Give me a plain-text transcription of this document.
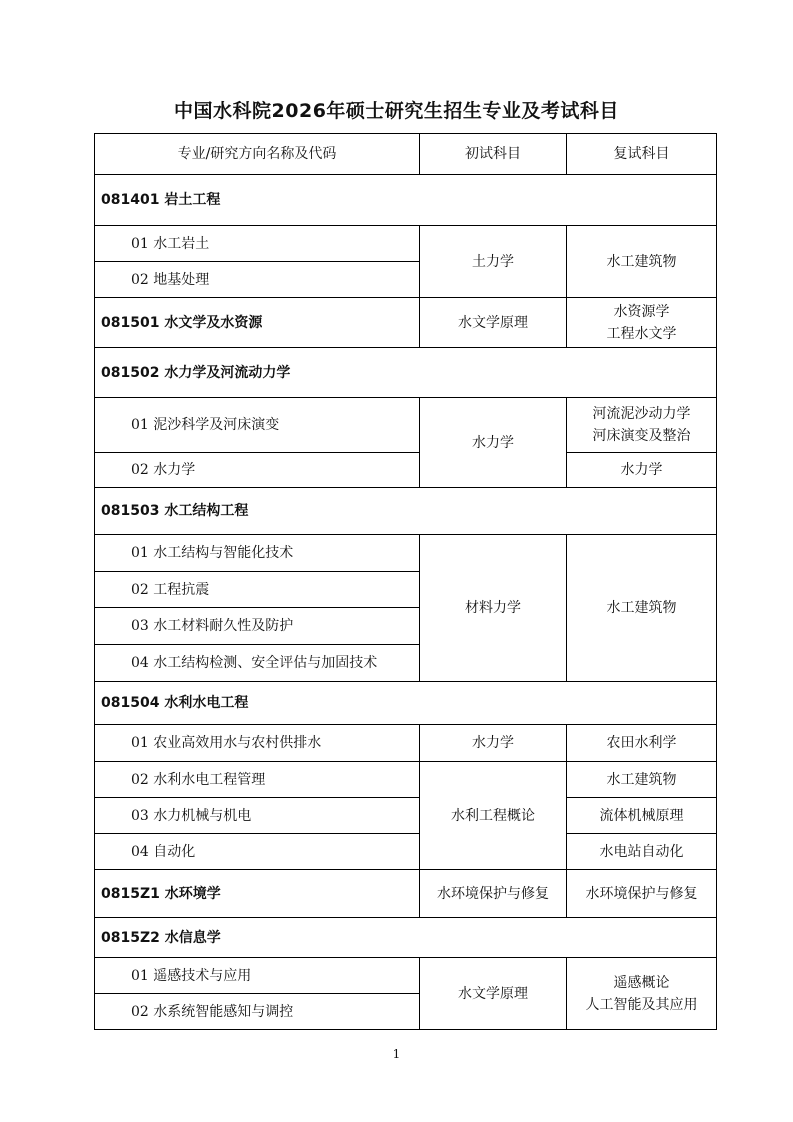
中国水科院2026年硕士研究生招生专业及考试科目
专业/研究方向名称及代码	初试科目	复试科目
081401 岩土工程		
01 水工岩土	土力学	水工建筑物
02 地基处理		
081501 水文学及水资源	水文学原理	水资源学
工程水文学

081502 水力学及河流动力学		
01 泥沙科学及河床演变	水力学	河流泥沙动力学
河床演变及整治

02 水力学		水力学
081503 水工结构工程		
01 水工结构与智能化技术	材料力学	水工建筑物
02 工程抗震		
03 水工材料耐久性及防护		
04 水工结构检测、安全评估与加固技术		
081504 水利水电工程		
01 农业高效用水与农村供排水	水力学	农田水利学
02 水利水电工程管理	水利工程概论	水工建筑物
03 水力机械与机电		流体机械原理
04 自动化		水电站自动化
0815Z1 水环境学	水环境保护与修复	水环境保护与修复
0815Z2 水信息学		
01 遥感技术与应用	水文学原理	遥感概论
人工智能及其应用

02 水系统智能感知与调控		
1
